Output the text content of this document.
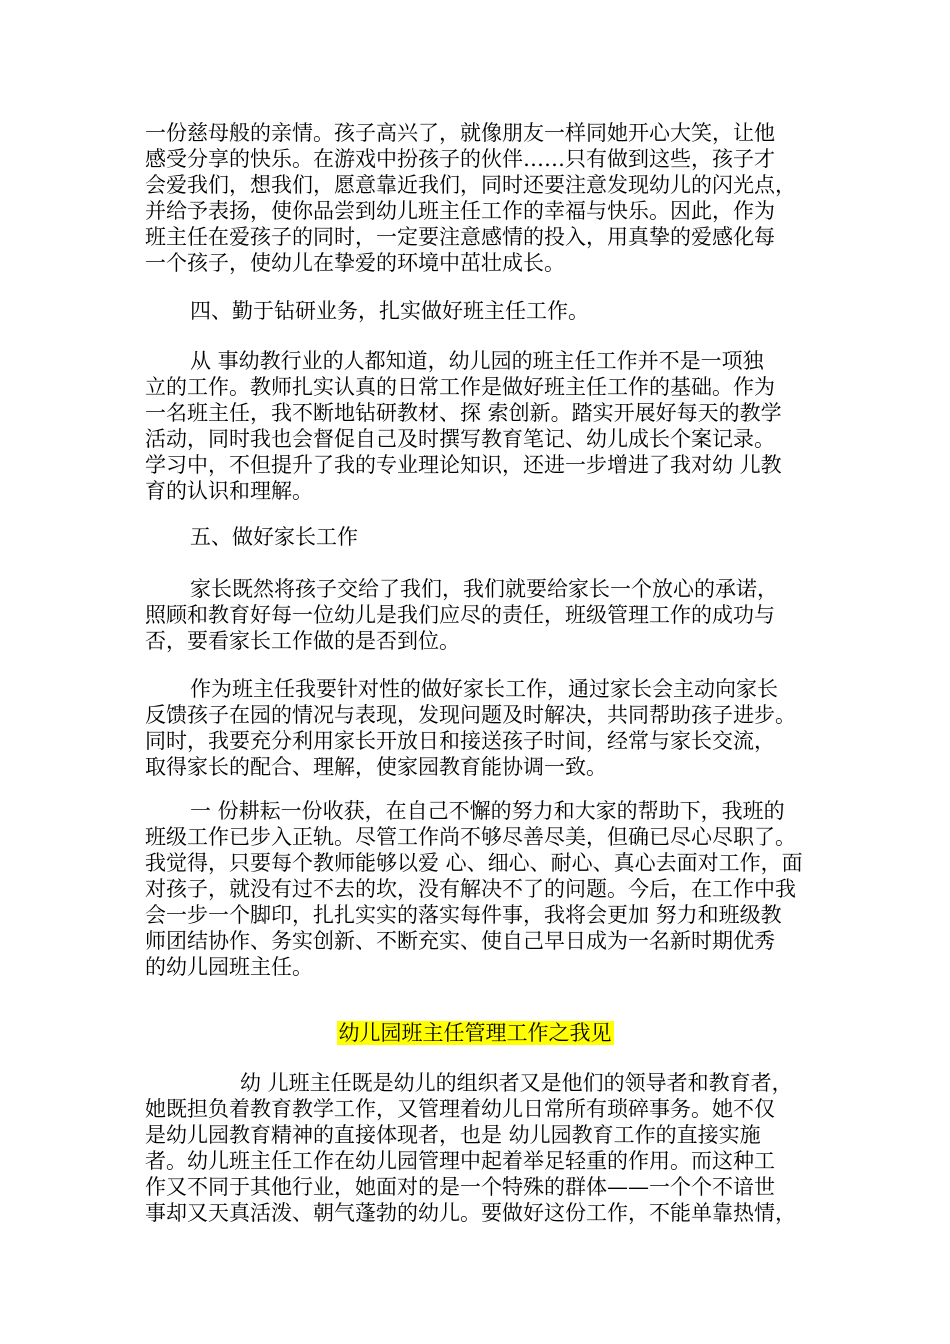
一份慈母般的亲情。孩子高兴了，就像朋友一样同她开心大笑，让他
感受分享的快乐。在游戏中扮孩子的伙伴……只有做到这些，孩子才
会爱我们，想我们，愿意靠近我们，同时还要注意发现幼儿的闪光点，
并给予表扬，使你品尝到幼儿班主任工作的幸福与快乐。因此，作为
班主任在爱孩子的同时，一定要注意感情的投入，用真挚的爱感化每
一个孩子，使幼儿在挚爱的环境中茁壮成长。
四、勤于钻研业务，扎实做好班主任工作。
从 事幼教行业的人都知道，幼儿园的班主任工作并不是一项独
立的工作。教师扎实认真的日常工作是做好班主任工作的基础。作为
一名班主任，我不断地钻研教材、探 索创新。踏实开展好每天的教学
活动，同时我也会督促自己及时撰写教育笔记、幼儿成长个案记录。
学习中，不但提升了我的专业理论知识，还进一步增进了我对幼 儿教
育的认识和理解。
五、做好家长工作
家长既然将孩子交给了我们，我们就要给家长一个放心的承诺，
照顾和教育好每一位幼儿是我们应尽的责任，班级管理工作的成功与
否，要看家长工作做的是否到位。
作为班主任我要针对性的做好家长工作，通过家长会主动向家长
反馈孩子在园的情况与表现，发现问题及时解决，共同帮助孩子进步。
同时，我要充分利用家长开放日和接送孩子时间，经常与家长交流，
取得家长的配合、理解，使家园教育能协调一致。
一 份耕耘一份收获，在自己不懈的努力和大家的帮助下，我班的
班级工作已步入正轨。尽管工作尚不够尽善尽美，但确已尽心尽职了。
我觉得，只要每个教师能够以爱 心、细心、耐心、真心去面对工作，面
对孩子，就没有过不去的坎，没有解决不了的问题。今后，在工作中我
会一步一个脚印，扎扎实实的落实每件事，我将会更加 努力和班级教
师团结协作、务实创新、不断充实、使自己早日成为一名新时期优秀
的幼儿园班主任。
幼儿园班主任管理工作之我见
幼 儿班主任既是幼儿的组织者又是他们的领导者和教育者，
她既担负着教育教学工作，又管理着幼儿日常所有琐碎事务。她不仅
是幼儿园教育精神的直接体现者，也是 幼儿园教育工作的直接实施
者。幼儿班主任工作在幼儿园管理中起着举足轻重的作用。而这种工
作又不同于其他行业，她面对的是一个特殊的群体——一个个不谙世
事却又天真活泼、朝气蓬勃的幼儿。要做好这份工作，不能单靠热情，
